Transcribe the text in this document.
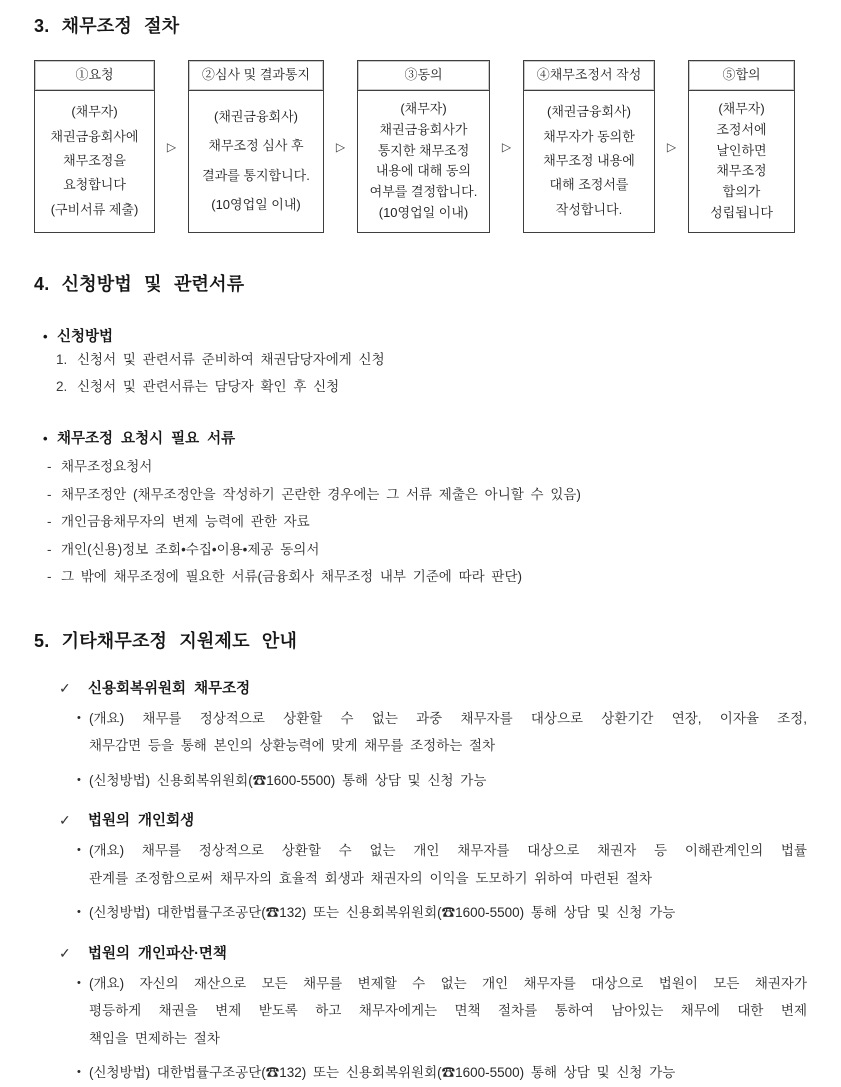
3. 채무조정 절차
①요청
(채무자)
채권금융회사에
채무조정을
요청합니다
(구비서류 제출)
▷
②심사 및 결과통지
(채권금융회사)
채무조정 심사 후
결과를 통지합니다.
(10영업일 이내)
▷
③동의
(채무자)
채권금융회사가
통지한 채무조정
내용에 대해 동의
여부를 결정합니다.
(10영업일 이내)
▷
④채무조정서 작성
(채권금융회사)
채무자가 동의한
채무조정 내용에
대해 조정서를
작성합니다.
▷
⑤합의
(채무자)
조정서에
날인하면
채무조정
합의가
성립됩니다
4. 신청방법 및 관련서류
• 신청방법
1. 신청서 및 관련서류 준비하여 채권담당자에게 신청
2. 신청서 및 관련서류는 담당자 확인 후 신청
• 채무조정 요청시 필요 서류
- 채무조정요청서
- 채무조정안 (채무조정안을 작성하기 곤란한 경우에는 그 서류 제출은 아니할 수 있음)
- 개인금융채무자의 변제 능력에 관한 자료
- 개인(신용)정보 조회•수집•이용•제공 동의서
- 그 밖에 채무조정에 필요한 서류(금융회사 채무조정 내부 기준에 따라 판단)
5. 기타채무조정 지원제도 안내
✓	신용회복위원회 채무조정
• (개요) 채무를 정상적으로 상환할 수 없는 과중 채무자를 대상으로 상환기간 연장, 이자율 조정,
채무감면 등을 통해 본인의 상환능력에 맞게 채무를 조정하는 절차
• (신청방법) 신용회복위원회(☎1600-5500) 통해 상담 및 신청 가능
✓	법원의 개인회생
• (개요) 채무를 정상적으로 상환할 수 없는 개인 채무자를 대상으로 채권자 등 이해관계인의 법률
관계를 조정함으로써 채무자의 효율적 회생과 채권자의 이익을 도모하기 위하여 마련된 절차
• (신청방법) 대한법률구조공단(☎132) 또는 신용회복위원회(☎1600-5500) 통해 상담 및 신청 가능
✓	법원의 개인파산·면책
• (개요) 자신의 재산으로 모든 채무를 변제할 수 없는 개인 채무자를 대상으로 법원이 모든 채권자가
평등하게 채권을 변제 받도록 하고 채무자에게는 면책 절차를 통하여 남아있는 채무에 대한 변제
책임을 면제하는 절차
• (신청방법) 대한법률구조공단(☎132) 또는 신용회복위원회(☎1600-5500) 통해 상담 및 신청 가능
